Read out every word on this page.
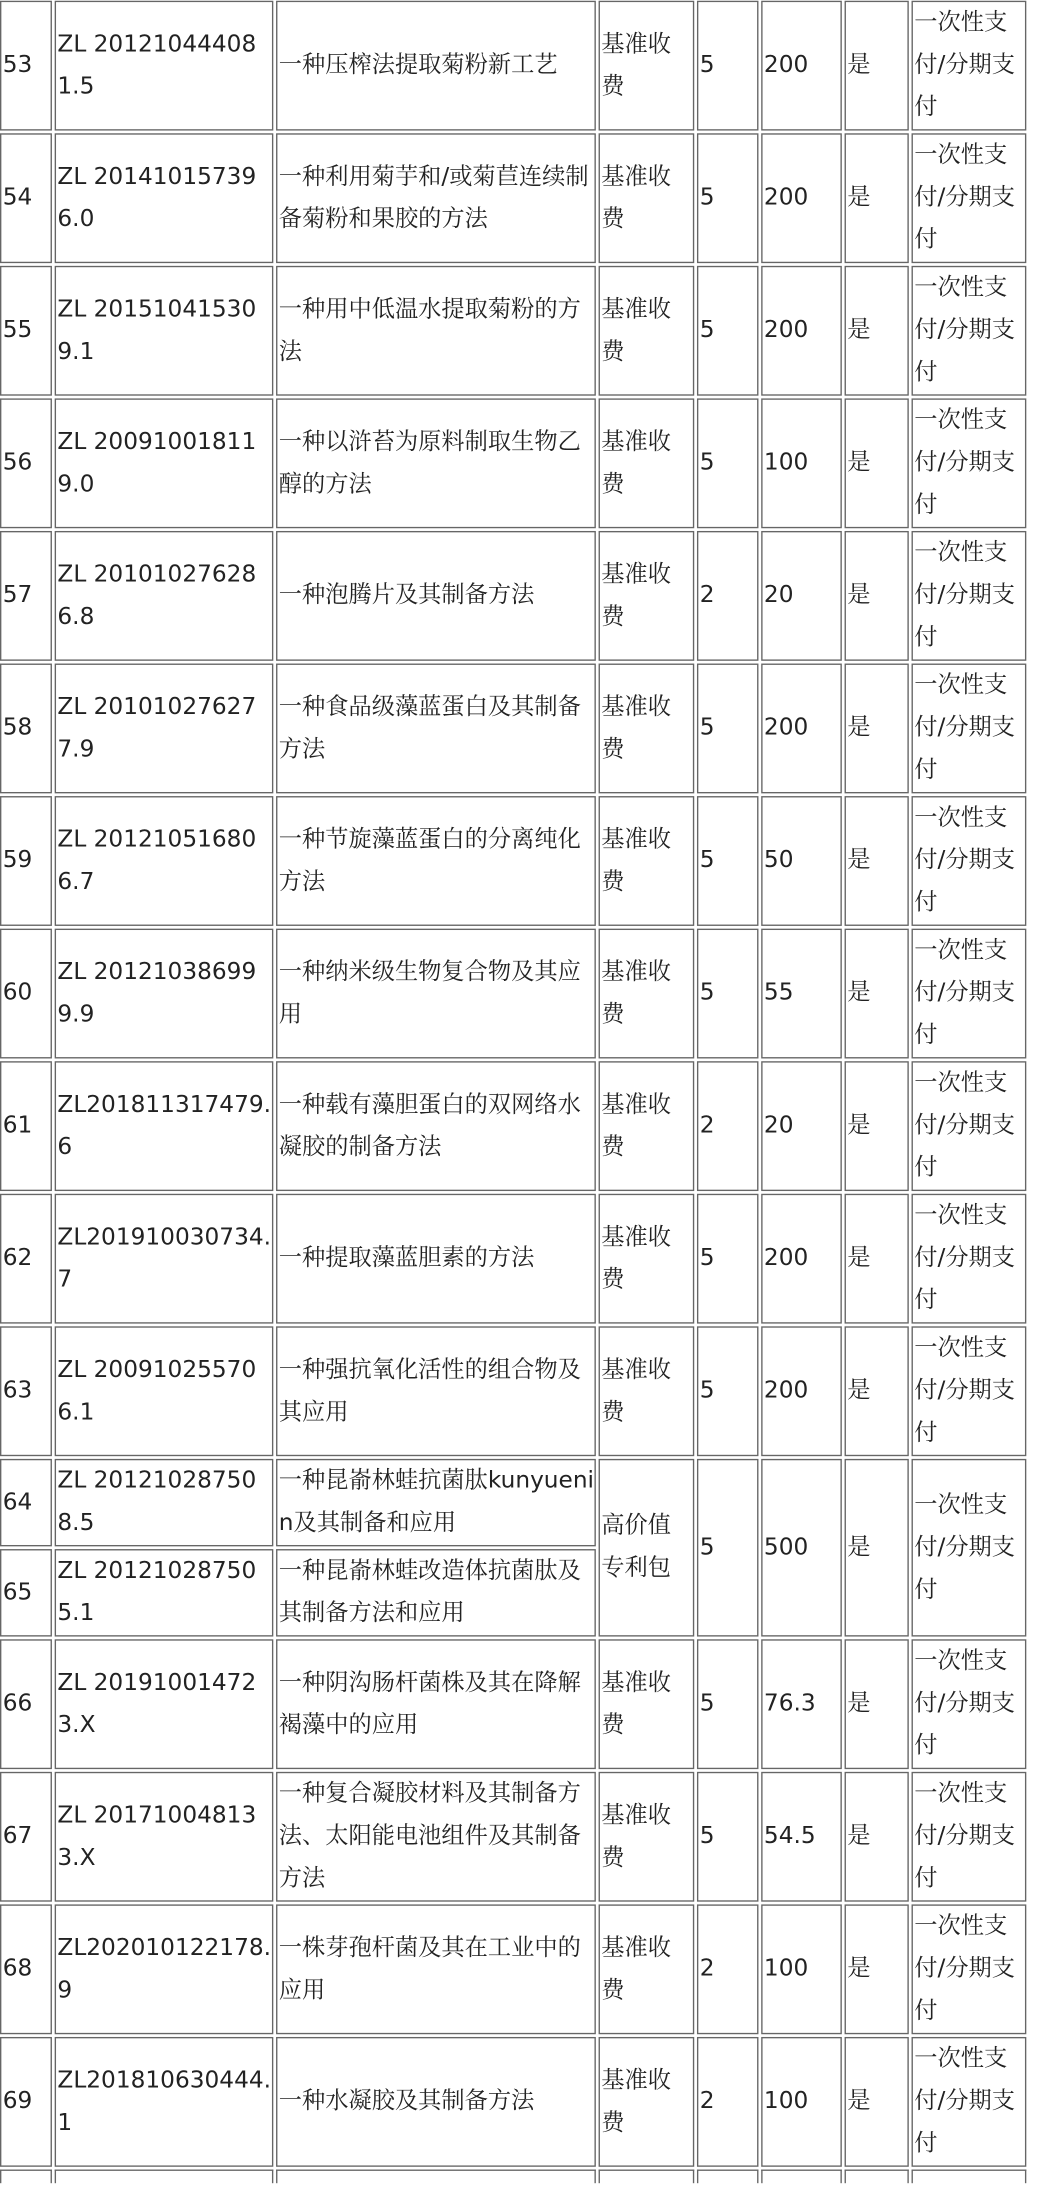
53	ZL 201210444081.5	一种压榨法提取菊粉新工艺	基准收费	5	200	是	一次性支付/分期支付
54	ZL 201410157396.0	一种利用菊芋和/或菊苣连续制备菊粉和果胶的方法	基准收费	5	200	是	一次性支付/分期支付
55	ZL 201510415309.1	一种用中低温水提取菊粉的方法	基准收费	5	200	是	一次性支付/分期支付
56	ZL 200910018119.0	一种以浒苔为原料制取生物乙醇的方法	基准收费	5	100	是	一次性支付/分期支付
57	ZL 201010276286.8	一种泡腾片及其制备方法	基准收费	2	20	是	一次性支付/分期支付
58	ZL 201010276277.9	一种食品级藻蓝蛋白及其制备方法	基准收费	5	200	是	一次性支付/分期支付
59	ZL 201210516806.7	一种节旋藻蓝蛋白的分离纯化方法	基准收费	5	50	是	一次性支付/分期支付
60	ZL 201210386999.9	一种纳米级生物复合物及其应用	基准收费	5	55	是	一次性支付/分期支付
61	ZL201811317479.6	一种载有藻胆蛋白的双网络水凝胶的制备方法	基准收费	2	20	是	一次性支付/分期支付
62	ZL201910030734.7	一种提取藻蓝胆素的方法	基准收费	5	200	是	一次性支付/分期支付
63	ZL 200910255706.1	一种强抗氧化活性的组合物及其应用	基准收费	5	200	是	一次性支付/分期支付
64	ZL 201210287508.5	一种昆嵛林蛙抗菌肽kunyuenin及其制备和应用	高价值专利包	5	500	是	一次性支付/分期支付
65	ZL 201210287505.1	一种昆嵛林蛙改造体抗菌肽及其制备方法和应用					
66	ZL 201910014723.X	一种阴沟肠杆菌株及其在降解褐藻中的应用	基准收费	5	76.3	是	一次性支付/分期支付
67	ZL 201710048133.X	一种复合凝胶材料及其制备方法、太阳能电池组件及其制备方法	基准收费	5	54.5	是	一次性支付/分期支付
68	ZL202010122178.9	一株芽孢杆菌及其在工业中的应用	基准收费	2	100	是	一次性支付/分期支付
69	ZL201810630444.1	一种水凝胶及其制备方法	基准收费	2	100	是	一次性支付/分期支付
